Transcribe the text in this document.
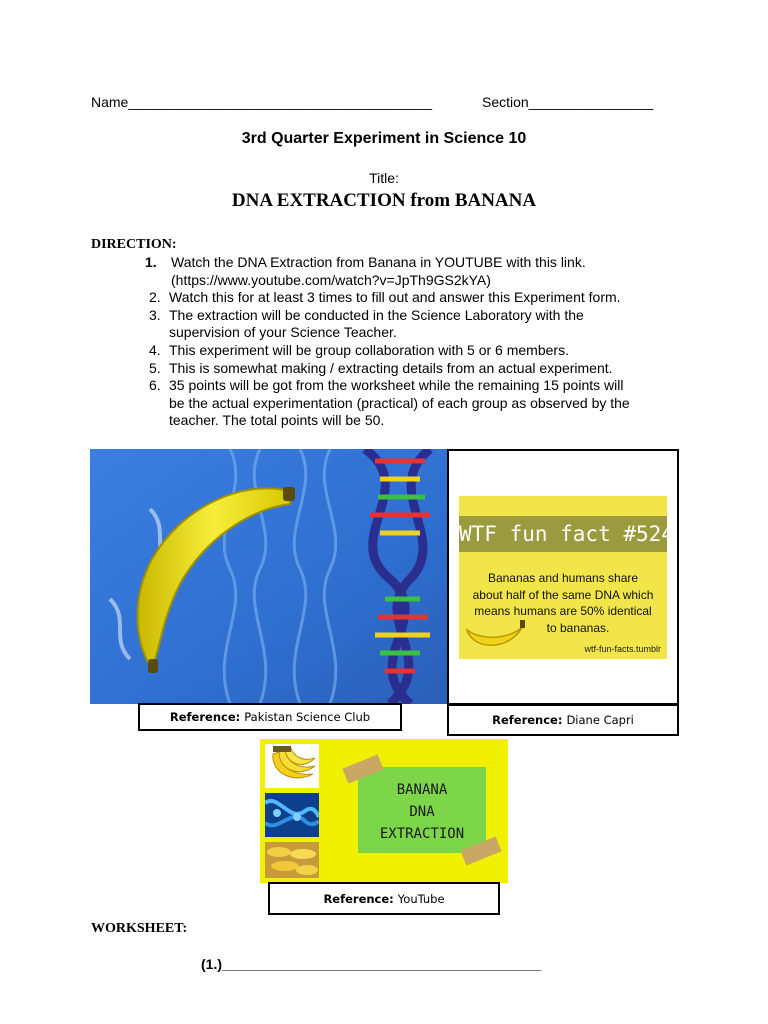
Name_______________________________________	Section________________
3rd Quarter Experiment in Science 10
Title:
DNA EXTRACTION from BANANA
DIRECTION:
1.	Watch the DNA Extraction from Banana in YOUTUBE with this link.
(https://www.youtube.com/watch?v=JpTh9GS2kYA)
2. Watch this for at least 3 times to fill out and answer this Experiment form.
3. The extraction will be conducted in the Science Laboratory with the
supervision of your Science Teacher.
4. This experiment will be group collaboration with 5 or 6 members.
5. This is somewhat making / extracting details from an actual experiment.
6. 35 points will be got from the worksheet while the remaining 15 points will
be the actual experimentation (practical) of each group as observed by the
teacher. The total points will be 50.
WTF fun fact #524
Bananas and humans share
about half of the same DNA which
means humans are 50% identical
to bananas.
wtf-fun-facts.tumblr
Reference: Pakistan Science Club	Reference: Diane Capri
BANANA
DNA
EXTRACTION
Reference: YouTube
WORKSHEET:
(1.)_________________________________________
